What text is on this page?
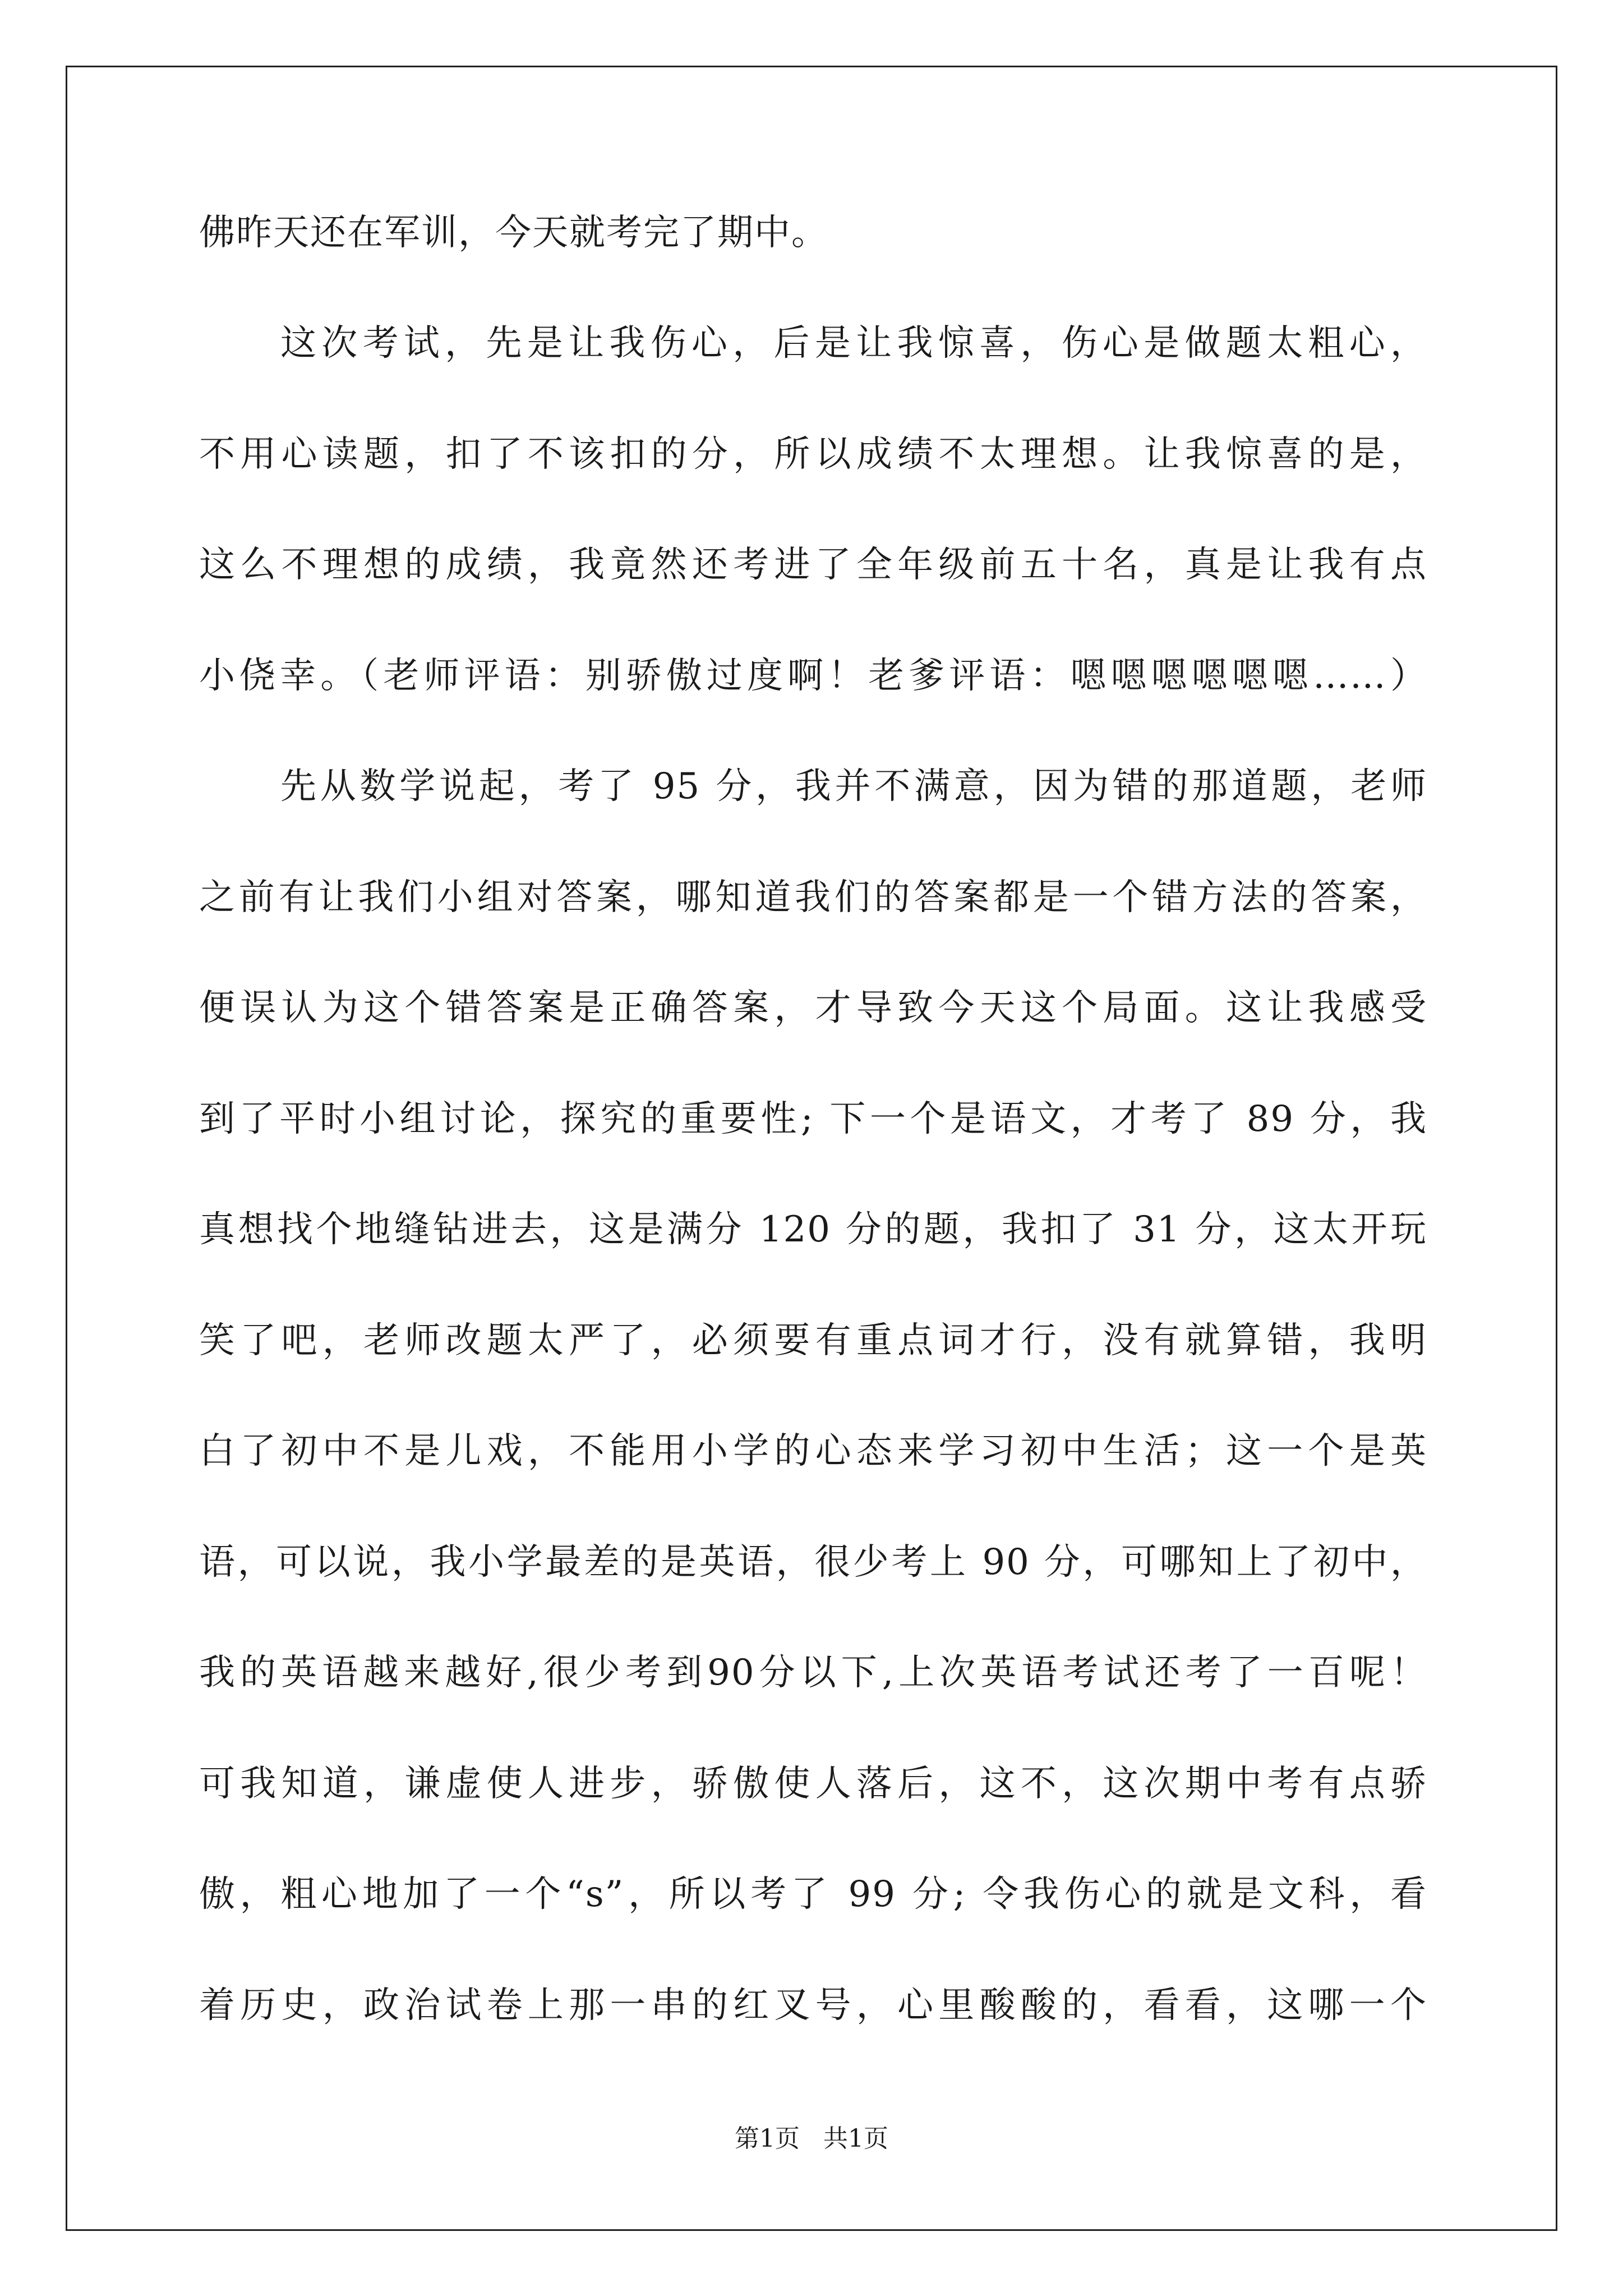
佛昨天还在军训，今天就考完了期中。
这次考试，先是让我伤心，后是让我惊喜，伤心是做题太粗心，
不用心读题，扣了不该扣的分，所以成绩不太理想。让我惊喜的是，
这么不理想的成绩，我竟然还考进了全年级前五十名，真是让我有点
小侥幸。（老师评语：别骄傲过度啊！老爹评语：嗯嗯嗯嗯嗯嗯……）
先从数学说起，考了 95 分，我并不满意，因为错的那道题，老师
之前有让我们小组对答案，哪知道我们的答案都是一个错方法的答案，
便误认为这个错答案是正确答案，才导致今天这个局面。这让我感受
到了平时小组讨论，探究的重要性; 下一个是语文，才考了 89 分，我
真想找个地缝钻进去，这是满分 120 分的题，我扣了 31 分，这太开玩
笑了吧，老师改题太严了，必须要有重点词才行，没有就算错，我明
白了初中不是儿戏，不能用小学的心态来学习初中生活；这一个是英
语，可以说，我小学最差的是英语，很少考上 90 分，可哪知上了初中，
我的英语越来越好,很少考到90分以下,上次英语考试还考了一百呢！
可我知道，谦虚使人进步，骄傲使人落后，这不，这次期中考有点骄
傲，粗心地加了一个“s”，所以考了 99 分; 令我伤心的就是文科，看
着历史，政治试卷上那一串的红叉号，心里酸酸的，看看，这哪一个
第1页 共1页
